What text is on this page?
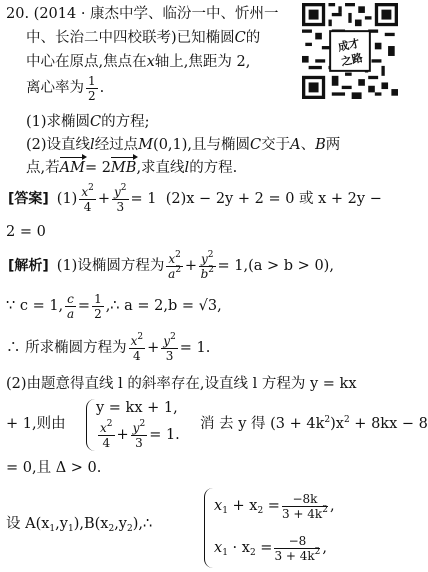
成才
之路
20. (2014 · 康杰中学、临汾一中、忻州一
中、长治二中四校联考)已知椭圆C的
中心在原点,焦点在x轴上,焦距为 2,
离心率为 $\frac{1}{2}$ .
(1)求椭圆C的方程;
(2)设直线l经过点M(0,1),且与椭圆C交于A、B两
点,若AM= 2MB,求直线l的方程.
[答案] $(1) \frac{x^2}{4} + \frac{y^2}{3} = 1$ (2)x − 2y + 2 = 0 或 x + 2y −
2 = 0
[解析] (1)设椭圆方程为 $\frac{x^2}{a^2} + \frac{y^2}{b^2} = 1,(a > b > 0)$,
∵ c = 1, $\frac{c}{a} = \frac{1}{2}$ ,∴ a = 2,b = √3,
∴ 所求椭圆方程为 $\frac{x^2}{4} + \frac{y^2}{3} = 1$.
(2)由题意得直线 l 的斜率存在,设直线 l 方程为 y = kx
+ 1,则由
y = kx + 1,
$\frac{x^2}{4} + \frac{y^2}{3} = 1$.
消 去 y 得 $(3 + 4k^2)x^2 + 8kx - 8$
= 0,且 Δ > 0.
设 $A(x_1,y_1),B(x_2,y_2),\therefore$
$x_1 + x_2 = \frac{-8k}{3 + 4k^2}$ ,
$x_1 \cdot x_2 = \frac{-8}{3 + 4k^2}$ ,
